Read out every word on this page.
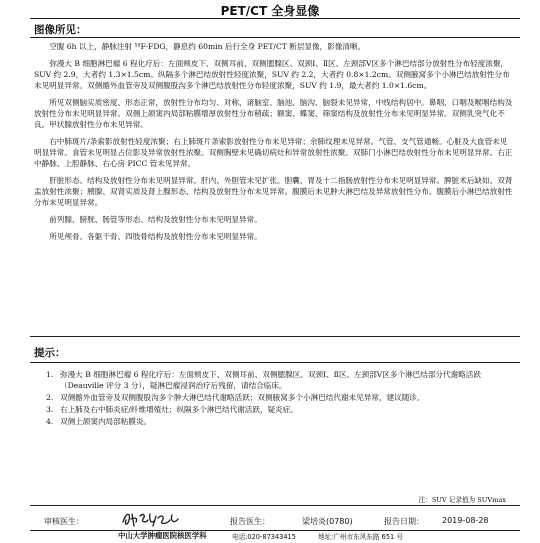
PET/CT 全身显像
图像所见：

空腹 6h 以上，静脉注射 ¹⁸F-FDG，静息约 60min 后行全身 PET/CT 断层显像，影像清晰。

弥漫大 B 细胞淋巴瘤 6 程化疗后：左面颊皮下、双侧耳前、双侧腮腺区、双颈Ⅰ、Ⅱ区、左颈部Ⅴ区多个淋巴结部分放射性分布轻度浓聚，SUV 约 2.9，大者约 1.3×1.5cm。纵隔多个淋巴结放射性轻度浓聚，SUV 约 2.2，大者约 0.8×1.2cm。双侧腋窝多个小淋巴结放射性分布未见明显异常。双侧髂外血管旁及双侧腹股沟多个淋巴结放射性分布轻度浓聚，SUV 约 1.9，最大者约 1.0×1.6cm。

所见双侧脑实质密度、形态正常，放射性分布均匀、对称，诸脑室、脑池、脑沟、脑裂未见异常，中线结构居中。鼻咽、口咽及喉咽结构及放射性分布未见明显异常。双侧上颌窦内局部粘膜增厚放射性分布稍疏；额窦、蝶窦、筛窦结构及放射性分布未见明显异常。双侧乳突气化不良。甲状腺放射性分布未见异常。

右中肺斑片/条索影放射性轻度浓聚；右上肺斑片条索影放射性分布未见异常；余肺纹理未见异常。气管、支气管通畅。心脏及大血管未见明显异常。食管未见明显占位影及异常放射性浓聚。双侧胸壁未见确切病灶和异常放射性浓聚。双肺门小淋巴结放射性分布未见明显异常。右正中静脉、上腔静脉、右心房 PICC 管未见异常。

肝脏形态、结构及放射性分布未见明显异常。肝内、外胆管未见扩张。胆囊、胃及十二指肠放射性分布未见明显异常。脾脏术后缺如。双肾盂放射性浓聚；胰腺、双肾实质及肾上腺形态、结构及放射性分布未见异常。腹膜后未见肿大淋巴结及异常放射性分布。腹膜后小淋巴结放射性分布未见明显异常。

前列腺、膀胱、肠管等形态、结构及放射性分布未见明显异常。

所见颅骨、各躯干骨、四肢骨结构及放射性分布未见明显异常。

提示：
1. 弥漫大 B 细胞淋巴瘤 6 程化疗后：左面颊皮下、双侧耳前、双侧腮腺区、双颈Ⅰ、Ⅱ区、左颈部Ⅴ区多个淋巴结部分代谢略活跃（Deauville 评分 3 分），疑淋巴瘤浸润治疗后残留，请结合临床。
2. 双侧髂外血管旁及双侧腹股沟多个肿大淋巴结代谢略活跃；双侧腋窝多个小淋巴结代谢未见异常，建议随诊。
3. 右上肺及右中肺炎症/纤维增殖灶；纵隔多个淋巴结代谢活跃，疑炎症。
4. 双侧上颌窦内局部粘膜炎。
注：SUV 记录值为 SUVmax
审核医生：	报告医生：	梁培炎(0780)	报告日期： 2019-08-28
中山大学肿瘤医院核医学科	电话:020-87343415	地址:广州市东风东路 651 号
